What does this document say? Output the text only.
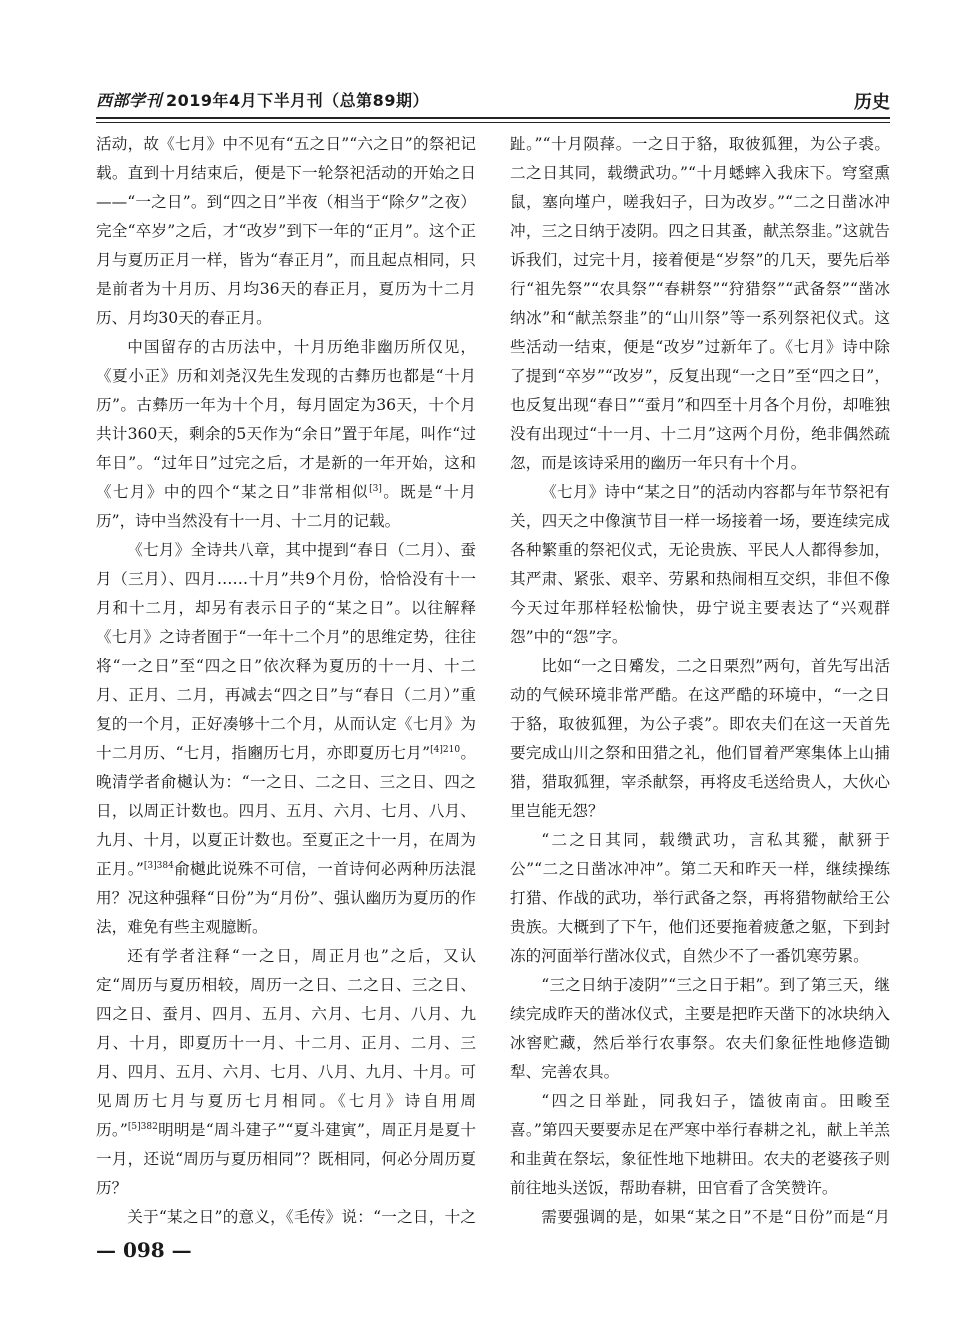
西部学刊 2019年4月下半月刊（总第89期）	历史

活动，故《七月》中不见有“五之日”“六之日”的祭祀记载。直到十月结束后，便是下一轮祭祀活动的开始之日——“一之日”。到“四之日”半夜（相当于“除夕”之夜）完全“卒岁”之后，才“改岁”到下一年的“正月”。这个正月与夏历正月一样，皆为“春正月”，而且起点相同，只是前者为十月历、月均36天的春正月，夏历为十二月历、月均30天的春正月。

中国留存的古历法中，十月历绝非幽历所仅见，《夏小正》历和刘尧汉先生发现的古彝历也都是“十月历”。古彝历一年为十个月，每月固定为36天，十个月共计360天，剩余的5天作为“余日”置于年尾，叫作“过年日”。“过年日”过完之后，才是新的一年开始，这和《七月》中的四个“某之日”非常相似[3]。既是“十月历”，诗中当然没有十一月、十二月的记载。

《七月》全诗共八章，其中提到“春日（二月）、蚕月（三月）、四月……十月”共9个月份，恰恰没有十一月和十二月，却另有表示日子的“某之日”。以往解释《七月》之诗者囿于“一年十二个月”的思维定势，往往将“一之日”至“四之日”依次释为夏历的十一月、十二月、正月、二月，再减去“四之日”与“春日（二月）”重复的一个月，正好凑够十二个月，从而认定《七月》为十二月历、“七月，指豳历七月，亦即夏历七月”$^{[4]210}$。晚清学者俞樾认为：“一之日、二之日、三之日、四之日，以周正计数也。四月、五月、六月、七月、八月、九月、十月，以夏正计数也。至夏正之十一月，在周为正月。”$^{[3]384}$俞樾此说殊不可信，一首诗何必两种历法混用？况这种强释“日份”为“月份”、强认幽历为夏历的作法，难免有些主观臆断。

还有学者注释“一之日，周正月也”之后，又认定“周历与夏历相较，周历一之日、二之日、三之日、四之日、蚕月、四月、五月、六月、七月、八月、九月、十月，即夏历十一月、十二月、正月、二月、三月、四月、五月、六月、七月、八月、九月、十月。可见周历七月与夏历七月相同。《七月》诗自用周历。”$^{[5]382}$明明是“周斗建子”“夏斗建寅”，周正月是夏十一月，还说“周历与夏历相同”？既相同，何必分周历夏历？

关于“某之日”的意义，《毛传》说：“一之日，十之

趾。”“十月陨萚。一之日于貉，取彼狐狸，为公子裘。二之日其同，载缵武功。”“十月蟋蟀入我床下。穹窒熏鼠，塞向墐户，嗟我妇子，曰为改岁。”“二之日凿冰冲冲，三之日纳于凌阴。四之日其蚤，献羔祭韭。”这就告诉我们，过完十月，接着便是“岁祭”的几天，要先后举行“祖先祭”“农具祭”“春耕祭”“狩猎祭”“武备祭”“凿冰纳冰”和“献羔祭韭”的“山川祭”等一系列祭祀仪式。这些活动一结束，便是“改岁”过新年了。《七月》诗中除了提到“卒岁”“改岁”，反复出现“一之日”至“四之日”，也反复出现“春日”“蚕月”和四至十月各个月份，却唯独没有出现过“十一月、十二月”这两个月份，绝非偶然疏忽，而是该诗采用的幽历一年只有十个月。

《七月》诗中“某之日”的活动内容都与年节祭祀有关，四天之中像演节目一样一场接着一场，要连续完成各种繁重的祭祀仪式，无论贵族、平民人人都得参加，其严肃、紧张、艰辛、劳累和热闹相互交织，非但不像今天过年那样轻松愉快，毋宁说主要表达了“兴观群怨”中的“怨”字。

比如“一之日觱发，二之日栗烈”两句，首先写出活动的气候环境非常严酷。在这严酷的环境中，“一之日于貉，取彼狐狸，为公子裘”。即农夫们在这一天首先要完成山川之祭和田猎之礼，他们冒着严寒集体上山捕猎，猎取狐狸，宰杀献祭，再将皮毛送给贵人，大伙心里岂能无怨？

“二之日其同，载缵武功，言私其豵，献豜于公”“二之日凿冰冲冲”。第二天和昨天一样，继续操练打猎、作战的武功，举行武备之祭，再将猎物献给王公贵族。大概到了下午，他们还要拖着疲惫之躯，下到封冻的河面举行凿冰仪式，自然少不了一番饥寒劳累。

“三之日纳于凌阴”“三之日于耜”。到了第三天，继续完成昨天的凿冰仪式，主要是把昨天凿下的冰块纳入冰窖贮藏，然后举行农事祭。农夫们象征性地修造锄犁、完善农具。

“四之日举趾，同我妇子，馌彼南亩。田畯至喜。”第四天要要赤足在严寒中举行春耕之礼，献上羊羔和韭黄在祭坛，象征性地下地耕田。农夫的老婆孩子则前往地头送饭，帮助春耕，田官看了含笑赞许。

需要强调的是，如果“某之日”不是“日份”而是“月

— 098 —
